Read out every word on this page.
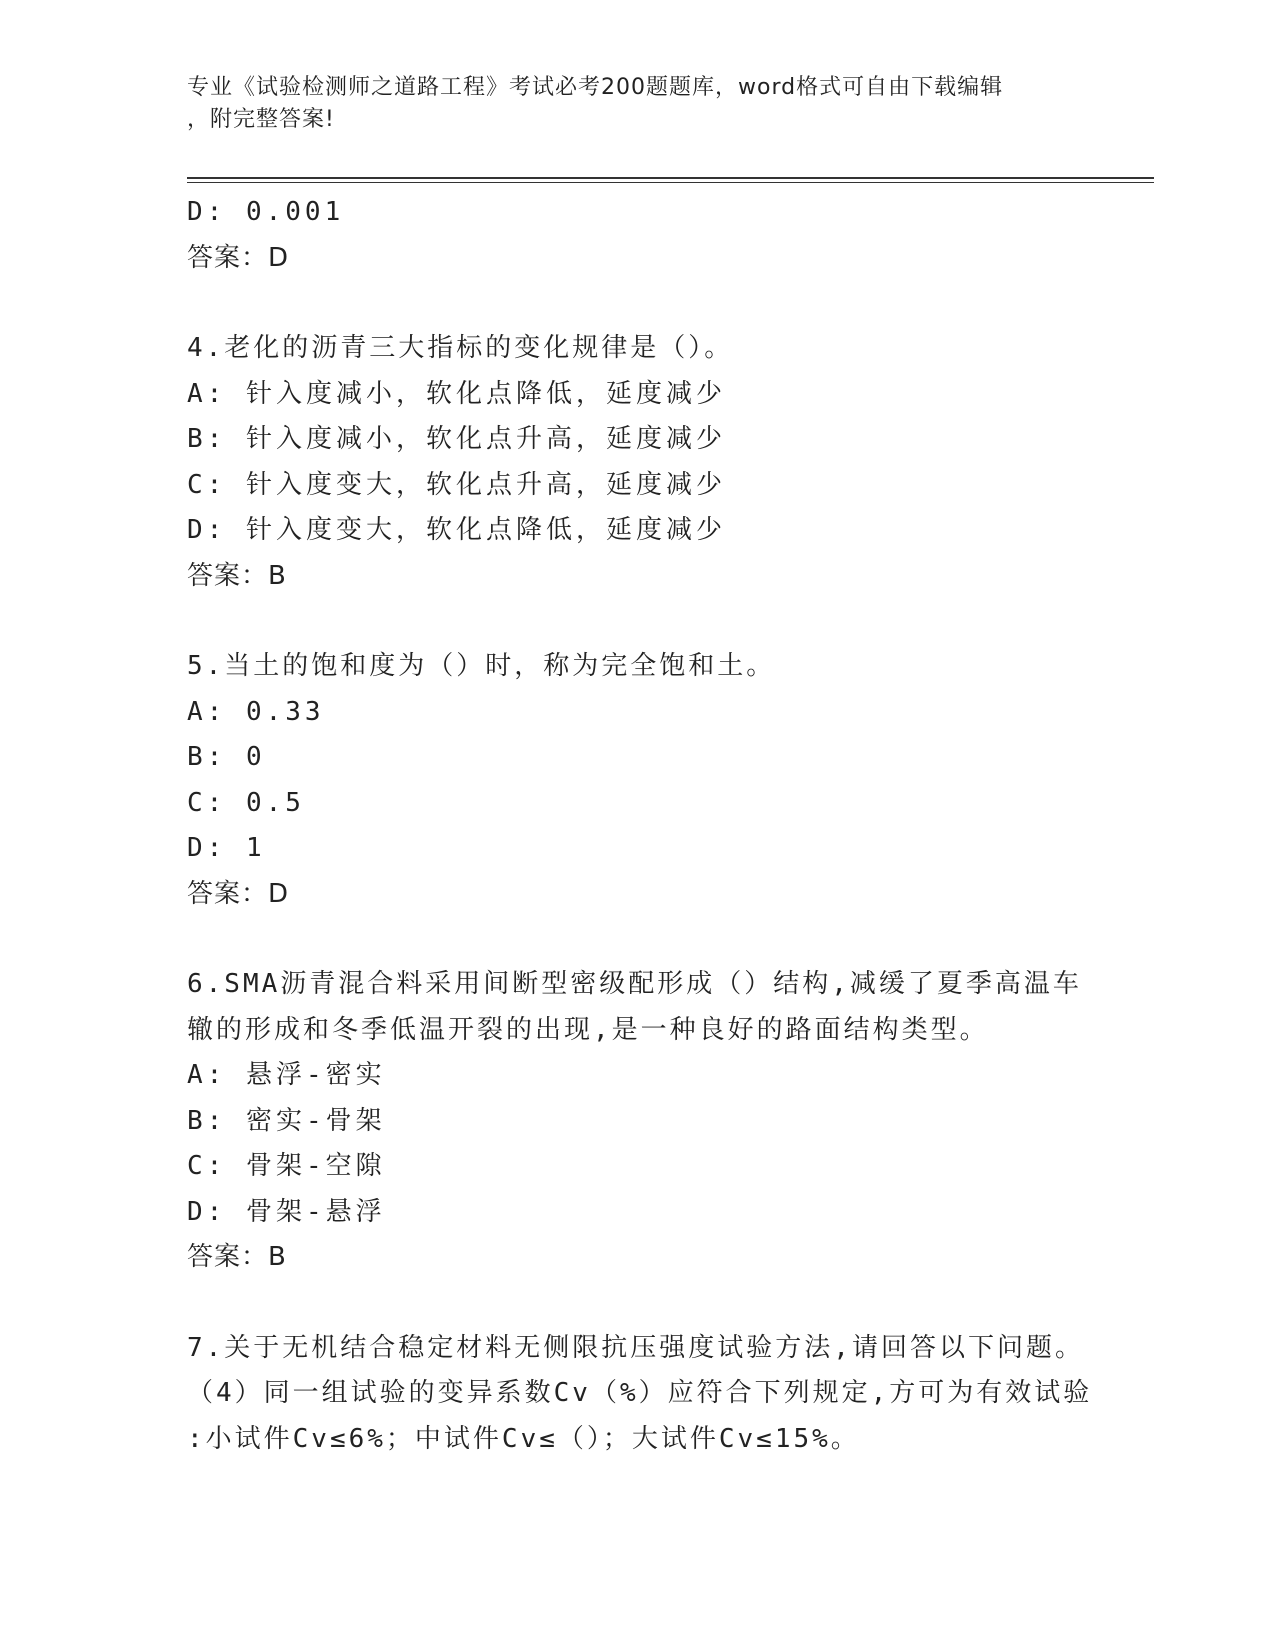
专业《试验检测师之道路工程》考试必考200题题库，word格式可自由下载编辑
，附完整答案!
D: 0.001
答案：D
4.老化的沥青三大指标的变化规律是（）。
A: 针入度减小，软化点降低，延度减少
B: 针入度减小，软化点升高，延度减少
C: 针入度变大，软化点升高，延度减少
D: 针入度变大，软化点降低，延度减少
答案：B
5.当土的饱和度为（）时，称为完全饱和土。
A: 0.33
B: 0
C: 0.5
D: 1
答案：D
6.SMA沥青混合料采用间断型密级配形成（）结构,减缓了夏季高温车
辙的形成和冬季低温开裂的出现,是一种良好的路面结构类型。
A: 悬浮-密实
B: 密实-骨架
C: 骨架-空隙
D: 骨架-悬浮
答案：B
7.关于无机结合稳定材料无侧限抗压强度试验方法,请回答以下问题。
（4）同一组试验的变异系数Cv（%）应符合下列规定,方可为有效试验
:小试件Cv≤6%；中试件Cv≤（）；大试件Cv≤15%。
